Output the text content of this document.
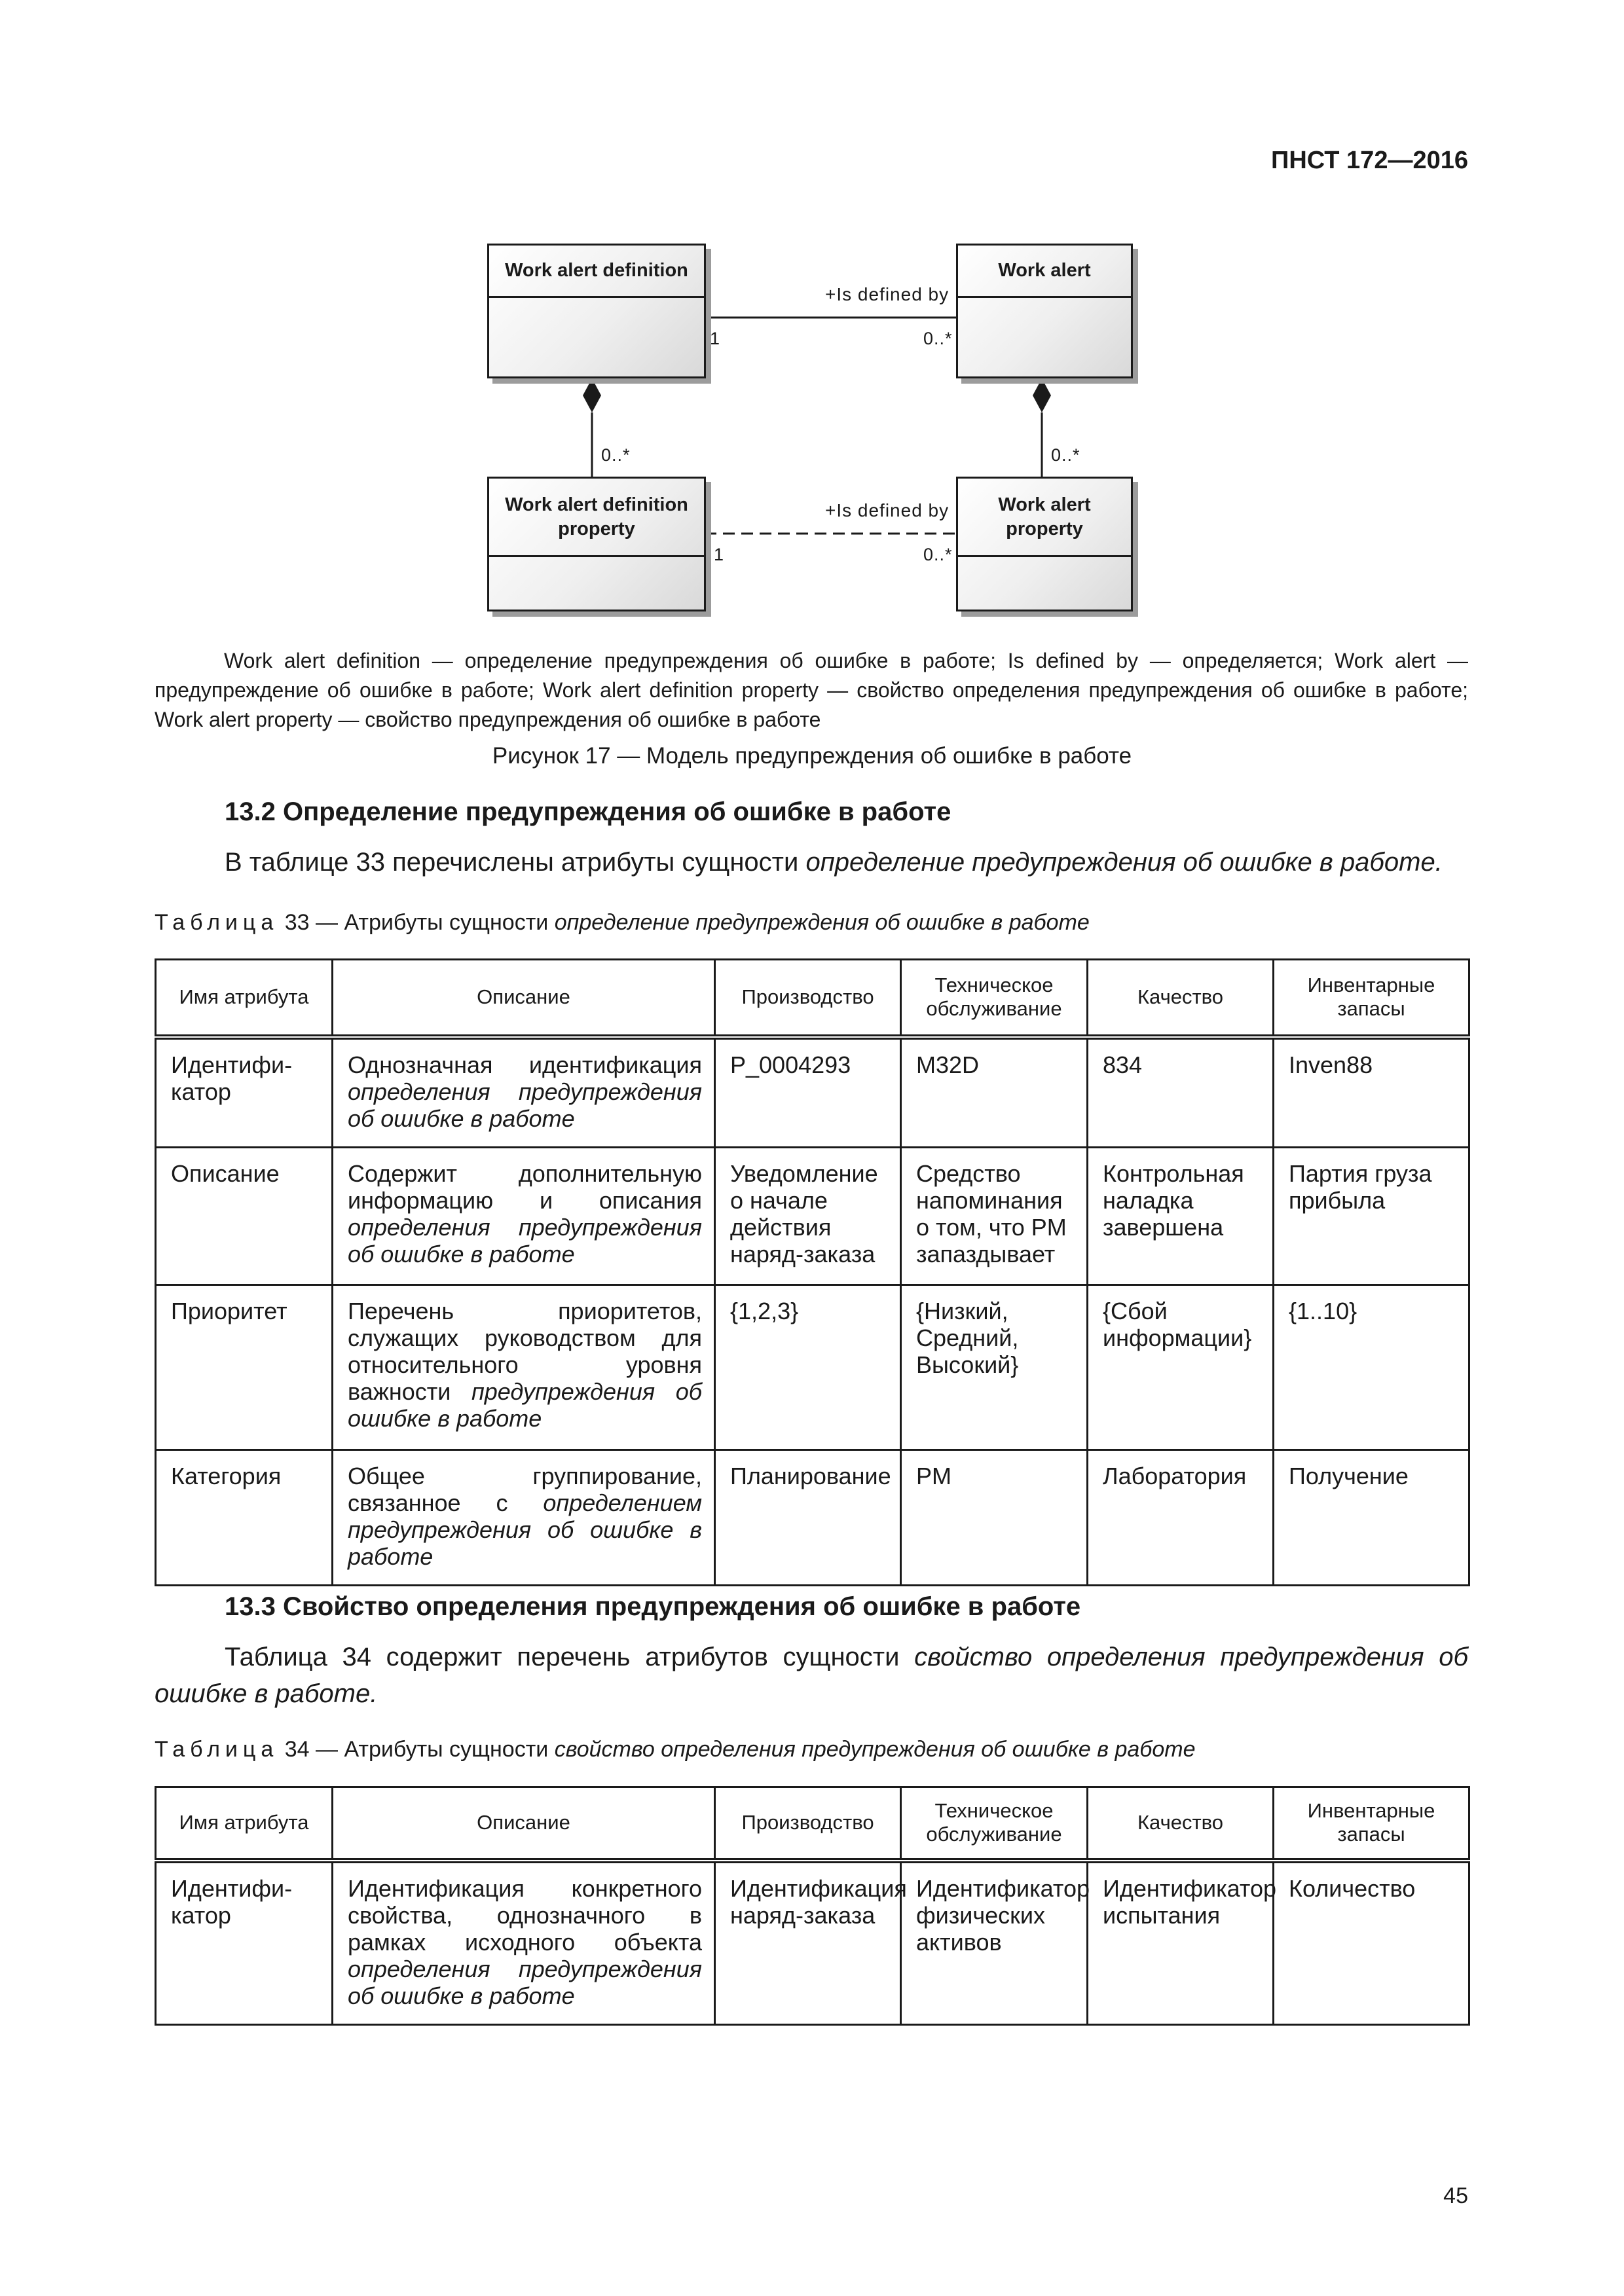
ПНСТ 172—2016
Work alert definition	Work alert
Work alert definition
property
Work alert
property
+Is defined by
1	0..*
0..*	0..*
+Is defined by
1	0..*
Work alert definition — определение предупреждения об ошибке в работе; Is defined by — определяется; Work alert — предупреждение об ошибке в работе; Work alert definition property — свойство определения предупреждения об ошибке в работе; Work alert property — свойство предупреждения об ошибке в работе
Рисунок 17 — Модель предупреждения об ошибке в работе
13.2 Определение предупреждения об ошибке в работе
В таблице 33 перечислены атрибуты сущности определение предупреждения об ошибке в работе.
Таблица 33 — Атрибуты сущности определение предупреждения об ошибке в работе
Имя атрибута	Описание	Производство	Техническое обслуживание	Качество	Инвентарные запасы
Идентифи-катор	Однозначная идентификация определения предупреждения об ошибке в работе	P_0004293	M32D	834	Inven88
Описание	Содержит дополнительную информацию и описания определения предупреждения об ошибке в работе	Уведомление о начале действия наряд-заказа	Средство напоминания о том, что PM запаздывает	Контрольная наладка завершена	Партия груза прибыла
Приоритет	Перечень приоритетов, служащих руководством для относительного уровня важности предупреждения об ошибке в работе	{1,2,3}	{Низкий, Средний, Высокий}	{Сбой информации}	{1..10}
Категория	Общее группирование, связанное с определением предупреждения об ошибке в работе	Планирование	PM	Лаборатория	Получение
13.3 Свойство определения предупреждения об ошибке в работе
Таблица 34 содержит перечень атрибутов сущности свойство определения предупреждения об ошибке в работе.
Таблица 34 — Атрибуты сущности свойство определения предупреждения об ошибке в работе
Имя атрибута	Описание	Производство	Техническое обслуживание	Качество	Инвентарные запасы
Идентифи-катор	Идентификация конкретного свойства, однозначного в рамках исходного объекта определения предупреждения об ошибке в работе	Идентификация наряд-заказа	Идентификатор физических активов	Идентификатор испытания	Количество
45
